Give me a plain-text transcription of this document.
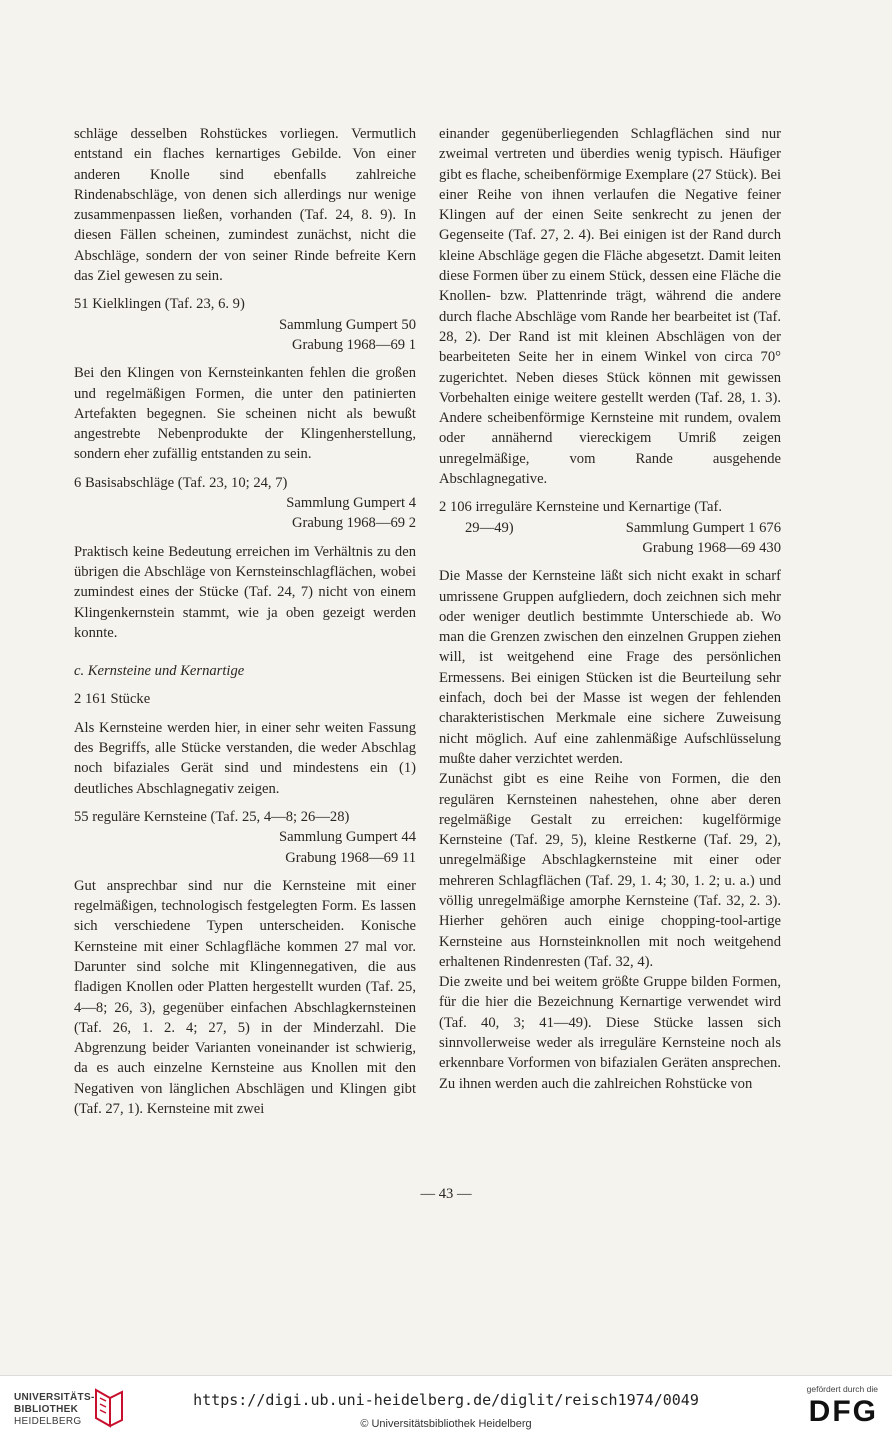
schläge desselben Rohstückes vorliegen. Vermutlich entstand ein flaches kernartiges Gebilde. Von einer anderen Knolle sind ebenfalls zahlreiche Rindenabschläge, von denen sich allerdings nur wenige zusammenpassen ließen, vorhanden (Taf. 24, 8. 9). In diesen Fällen scheinen, zumindest zunächst, nicht die Abschläge, sondern der von seiner Rinde befreite Kern das Ziel gewesen zu sein.

51 Kielklingen (Taf. 23, 6. 9)
Sammlung Gumpert 50
Grabung 1968—69 1

Bei den Klingen von Kernsteinkanten fehlen die großen und regelmäßigen Formen, die unter den patinierten Artefakten begegnen. Sie scheinen nicht als bewußt angestrebte Nebenprodukte der Klingenherstellung, sondern eher zufällig entstanden zu sein.

6 Basisabschläge (Taf. 23, 10; 24, 7)
Sammlung Gumpert 4
Grabung 1968—69 2

Praktisch keine Bedeutung erreichen im Verhältnis zu den übrigen die Abschläge von Kernsteinschlagflächen, wobei zumindest eines der Stücke (Taf. 24, 7) nicht von einem Klingenkernstein stammt, wie ja oben gezeigt werden konnte.

c. Kernsteine und Kernartige
2 161 Stücke

Als Kernsteine werden hier, in einer sehr weiten Fassung des Begriffs, alle Stücke verstanden, die weder Abschlag noch bifaziales Gerät sind und mindestens ein (1) deutliches Abschlagnegativ zeigen.

55 reguläre Kernsteine (Taf. 25, 4—8; 26—28)
Sammlung Gumpert 44
Grabung 1968—69 11

Gut ansprechbar sind nur die Kernsteine mit einer regelmäßigen, technologisch festgelegten Form. Es lassen sich verschiedene Typen unterscheiden. Konische Kernsteine mit einer Schlagfläche kommen 27 mal vor. Darunter sind solche mit Klingennegativen, die aus fladigen Knollen oder Platten hergestellt wurden (Taf. 25, 4—8; 26, 3), gegenüber einfachen Abschlagkernsteinen (Taf. 26, 1. 2. 4; 27, 5) in der Minderzahl. Die Abgrenzung beider Varianten voneinander ist schwierig, da es auch einzelne Kernsteine aus Knollen mit den Negativen von länglichen Abschlägen und Klingen gibt (Taf. 27, 1). Kernsteine mit zwei

einander gegenüberliegenden Schlagflächen sind nur zweimal vertreten und überdies wenig typisch. Häufiger gibt es flache, scheibenförmige Exemplare (27 Stück). Bei einer Reihe von ihnen verlaufen die Negative feiner Klingen auf der einen Seite senkrecht zu jenen der Gegenseite (Taf. 27, 2. 4). Bei einigen ist der Rand durch kleine Abschläge gegen die Fläche abgesetzt. Damit leiten diese Formen über zu einem Stück, dessen eine Fläche die Knollen- bzw. Plattenrinde trägt, während die andere durch flache Abschläge vom Rande her bearbeitet ist (Taf. 28, 2). Der Rand ist mit kleinen Abschlägen von der bearbeiteten Seite her in einem Winkel von circa 70° zugerichtet. Neben dieses Stück können mit gewissen Vorbehalten einige weitere gestellt werden (Taf. 28, 1. 3). Andere scheibenförmige Kernsteine mit rundem, ovalem oder annähernd viereckigem Umriß zeigen unregelmäßige, vom Rande ausgehende Abschlagnegative.

2 106 irreguläre Kernsteine und Kernartige (Taf.
29—49)	Sammlung Gumpert 1 676
Grabung 1968—69 430

Die Masse der Kernsteine läßt sich nicht exakt in scharf umrissene Gruppen aufgliedern, doch zeichnen sich mehr oder weniger deutlich bestimmte Unterschiede ab. Wo man die Grenzen zwischen den einzelnen Gruppen ziehen will, ist weitgehend eine Frage des persönlichen Ermessens. Bei einigen Stücken ist die Beurteilung sehr einfach, doch bei der Masse ist wegen der fehlenden charakteristischen Merkmale eine sichere Zuweisung nicht möglich. Auf eine zahlenmäßige Aufschlüsselung mußte daher verzichtet werden.

Zunächst gibt es eine Reihe von Formen, die den regulären Kernsteinen nahestehen, ohne aber deren regelmäßige Gestalt zu erreichen: kugelförmige Kernsteine (Taf. 29, 5), kleine Restkerne (Taf. 29, 2), unregelmäßige Abschlagkernsteine mit einer oder mehreren Schlagflächen (Taf. 29, 1. 4; 30, 1. 2; u. a.) und völlig unregelmäßige amorphe Kernsteine (Taf. 32, 2. 3). Hierher gehören auch einige chopping-tool-artige Kernsteine aus Hornsteinknollen mit noch weitgehend erhaltenen Rindenresten (Taf. 32, 4).

Die zweite und bei weitem größte Gruppe bilden Formen, für die hier die Bezeichnung Kernartige verwendet wird (Taf. 40, 3; 41—49). Diese Stücke lassen sich sinnvollerweise weder als irreguläre Kernsteine noch als erkennbare Vorformen von bifazialen Geräten ansprechen. Zu ihnen werden auch die zahlreichen Rohstücke von

— 43 —
UNIVERSITÄTS-
BIBLIOTHEK
HEIDELBERG
https://digi.ub.uni-heidelberg.de/diglit/reisch1974/0049
© Universitätsbibliothek Heidelberg
gefördert durch die
DFG
